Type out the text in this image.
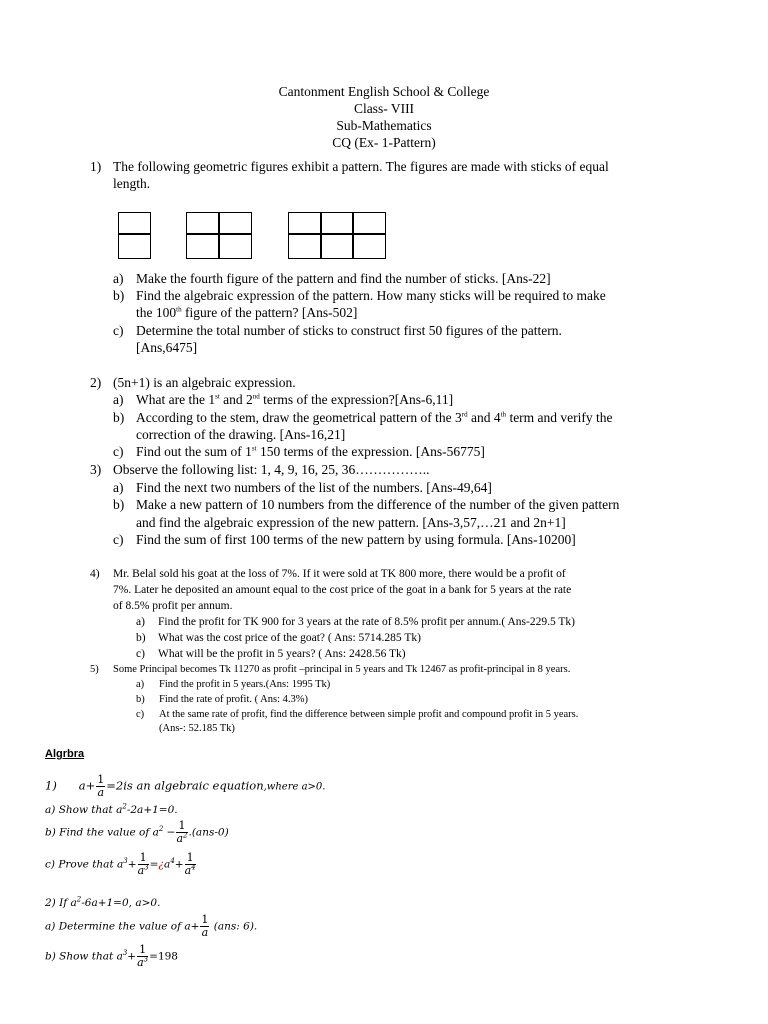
Cantonment English School & College
Class- VIII
Sub-Mathematics
CQ (Ex- 1-Pattern)
1) The following geometric figures exhibit a pattern. The figures are made with sticks of equal
length.
a) Make the fourth figure of the pattern and find the number of sticks. [Ans-22]
b) Find the algebraic expression of the pattern. How many sticks will be required to make
the 100th figure of the pattern? [Ans-502]
c) Determine the total number of sticks to construct first 50 figures of the pattern.
[Ans,6475]
2) (5n+1) is an algebraic expression.
a) What are the 1st and 2nd terms of the expression?[Ans-6,11]
b) According to the stem, draw the geometrical pattern of the 3rd and 4th term and verify the
correction of the drawing. [Ans-16,21]
c) Find out the sum of 1st 150 terms of the expression. [Ans-56775]
3) Observe the following list: 1, 4, 9, 16, 25, 36……………..
a) Find the next two numbers of the list of the numbers. [Ans-49,64]
b) Make a new pattern of 10 numbers from the difference of the number of the given pattern
and find the algebraic expression of the new pattern. [Ans-3,57,…21 and 2n+1]
c) Find the sum of first 100 terms of the new pattern by using formula. [Ans-10200]
4) Mr. Belal sold his goat at the loss of 7%. If it were sold at TK 800 more, there would be a profit of
7%. Later he deposited an amount equal to the cost price of the goat in a bank for 5 years at the rate
of 8.5% profit per annum.
a) Find the profit for TK 900 for 3 years at the rate of 8.5% profit per annum.( Ans-229.5 Tk)
b) What was the cost price of the goat? ( Ans: 5714.285 Tk)
c) What will be the profit in 5 years? ( Ans: 2428.56 Tk)
5) Some Principal becomes Tk 11270 as profit –principal in 5 years and Tk 12467 as profit-principal in 8 years.
a) Find the profit in 5 years.(Ans: 1995 Tk)
b) Find the rate of profit. ( Ans: 4.3%)
c) At the same rate of profit, find the difference between simple profit and compound profit in 5 years.
(Ans-: 52.185 Tk)
Algrbra
1) $a+ \frac{1}{a} =2is$ an algebraic equation,where a>0.
a) Show that $a^2-2a+1=0$.
b) Find the value of $a^2 - \frac{1}{a^2} .(ans-0)$
c) Prove that $a^3+ \frac{1}{a^3}$ $=¿a^4+ \frac{1}{a^4}$
2) If $a^2-6a+1=0$, a>0.
a) Determine the value of $a+ \frac{1}{a} (ans$: 6).
b) Show that $a^3+ \frac{1}{a^3} =198$
